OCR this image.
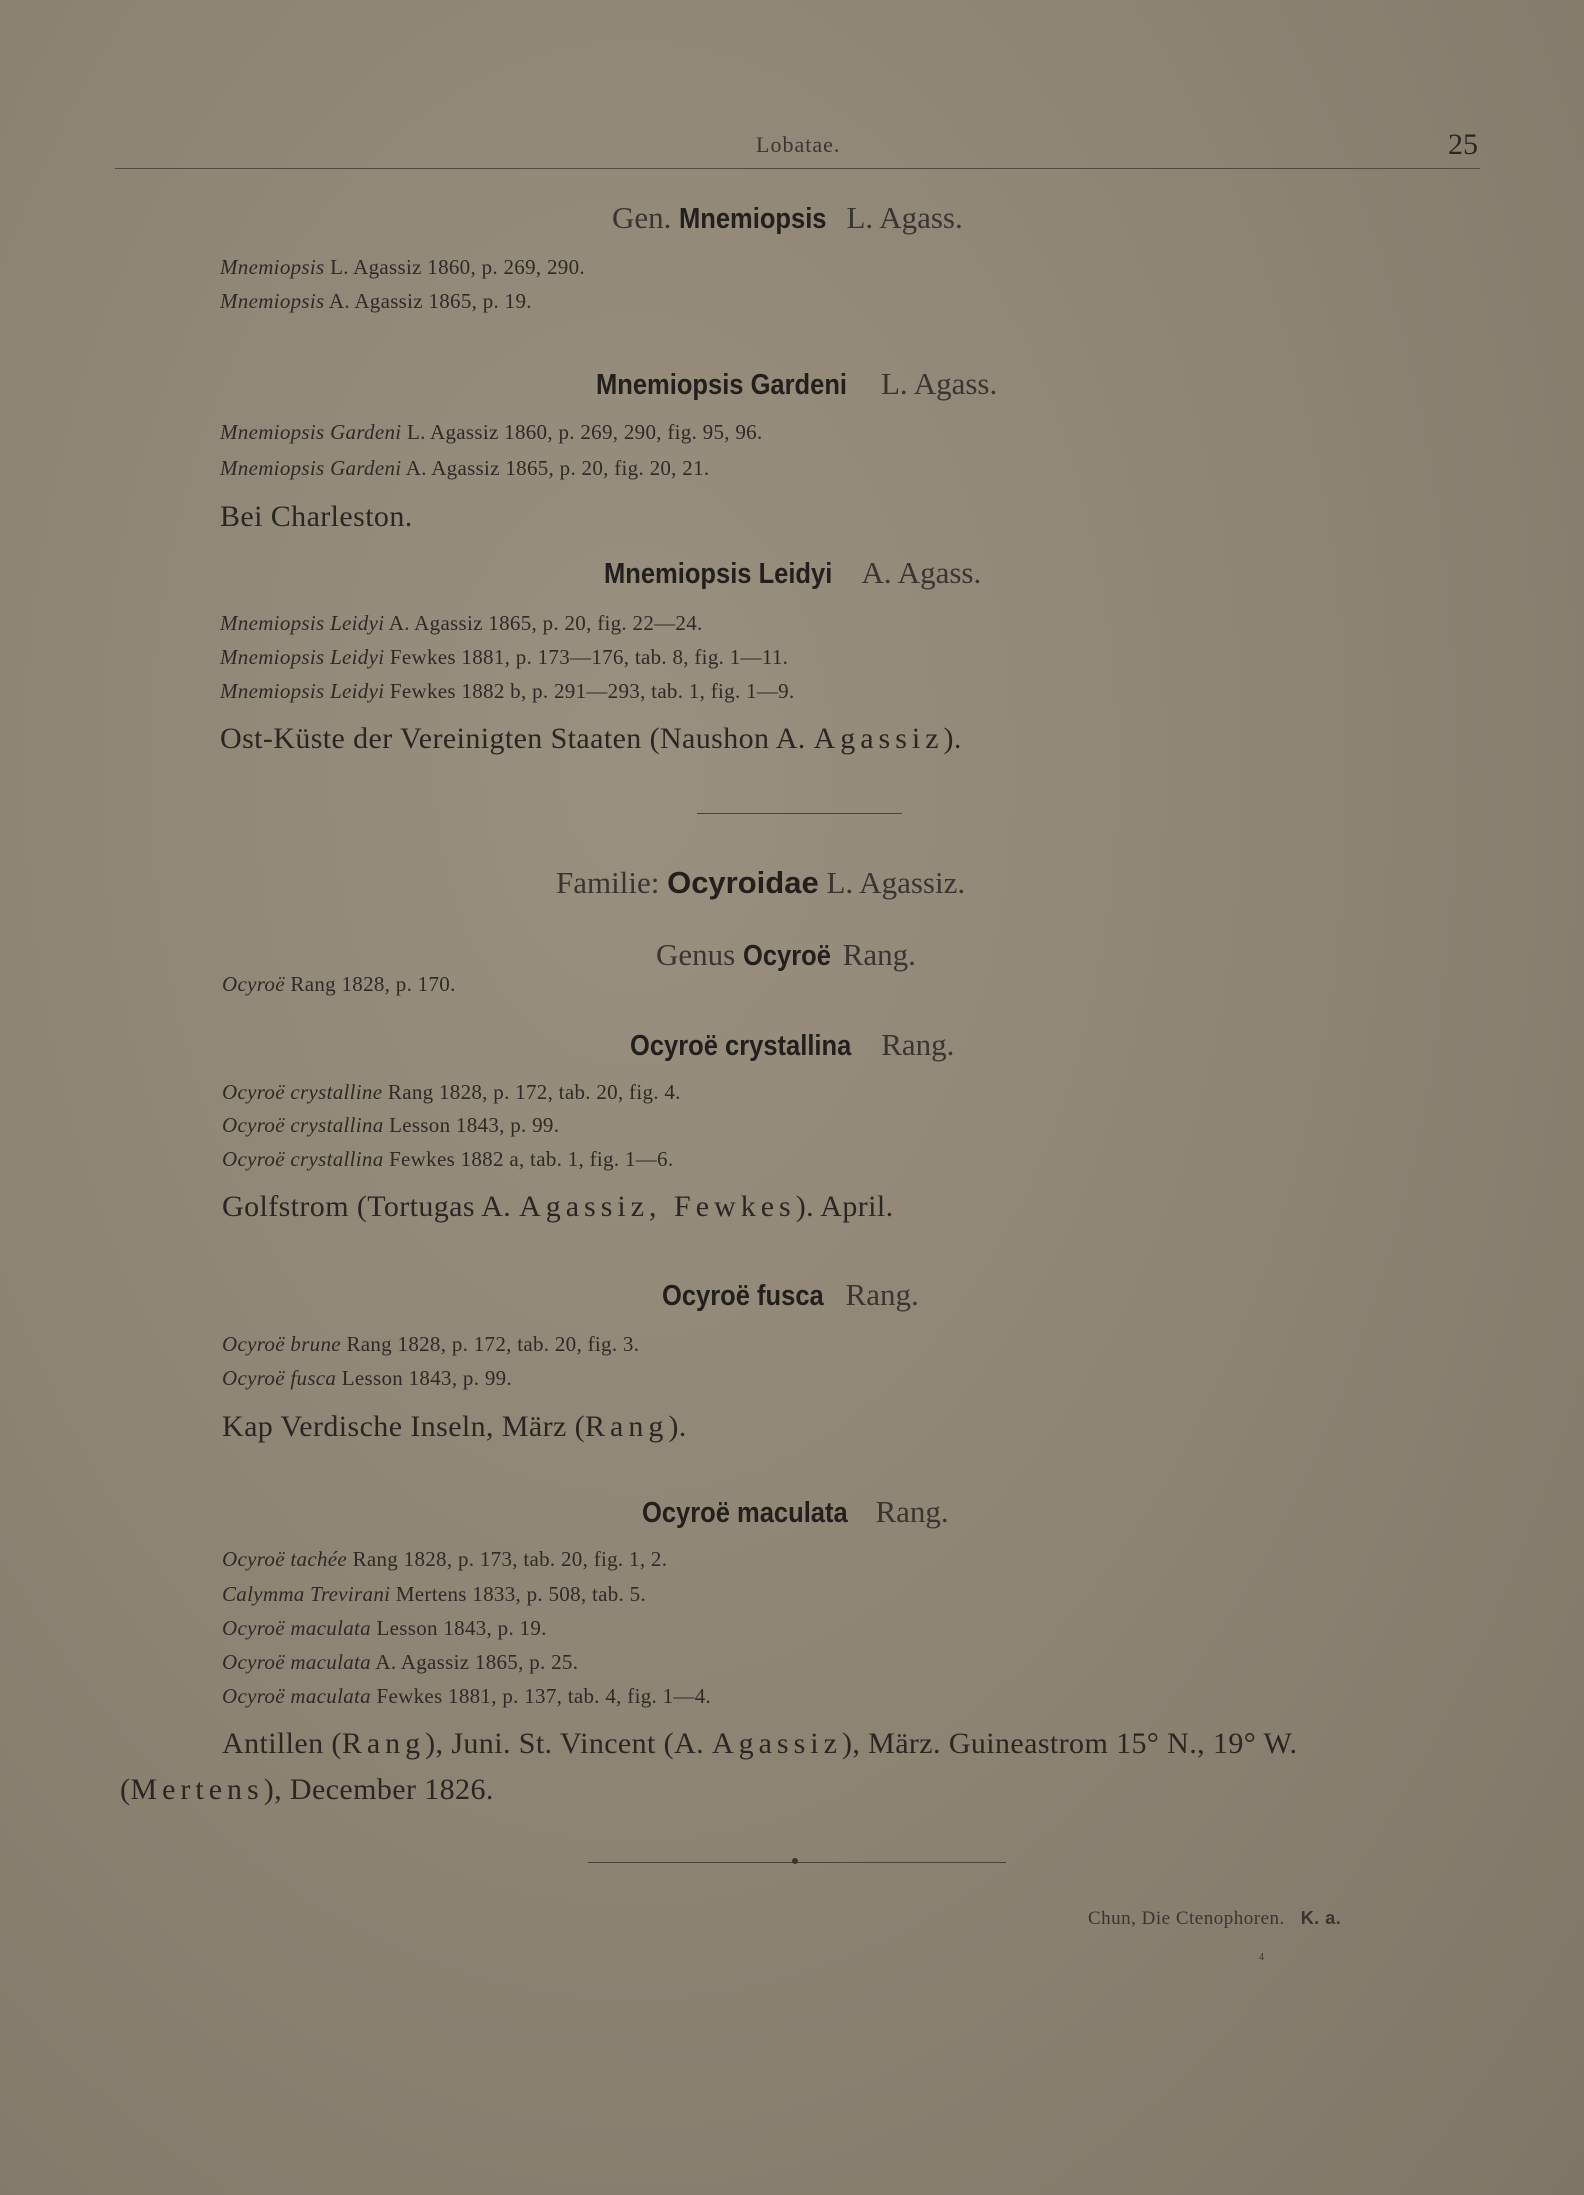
Lobatae.	25
Gen. Mnemiopsis L. Agass.
Mnemiopsis L. Agassiz 1860, p. 269, 290.
Mnemiopsis A. Agassiz 1865, p. 19.
Mnemiopsis Gardeni L. Agass.
Mnemiopsis Gardeni L. Agassiz 1860, p. 269, 290, fig. 95, 96.
Mnemiopsis Gardeni A. Agassiz 1865, p. 20, fig. 20, 21.
Bei Charleston.
Mnemiopsis Leidyi A. Agass.
Mnemiopsis Leidyi A. Agassiz 1865, p. 20, fig. 22—24.
Mnemiopsis Leidyi Fewkes 1881, p. 173—176, tab. 8, fig. 1—11.
Mnemiopsis Leidyi Fewkes 1882 b, p. 291—293, tab. 1, fig. 1—9.
Ost-Küste der Vereinigten Staaten (Naushon A. Agassiz).
Familie: Ocyroidae L. Agassiz.
Genus Ocyroë Rang.
Ocyroë Rang 1828, p. 170.
Ocyroë crystallina Rang.
Ocyroë crystalline Rang 1828, p. 172, tab. 20, fig. 4.
Ocyroë crystallina Lesson 1843, p. 99.
Ocyroë crystallina Fewkes 1882 a, tab. 1, fig. 1—6.
Golfstrom (Tortugas A. Agassiz, Fewkes). April.
Ocyroë fusca Rang.
Ocyroë brune Rang 1828, p. 172, tab. 20, fig. 3.
Ocyroë fusca Lesson 1843, p. 99.
Kap Verdische Inseln, März (Rang).
Ocyroë maculata Rang.
Ocyroë tachée Rang 1828, p. 173, tab. 20, fig. 1, 2.
Calymma Trevirani Mertens 1833, p. 508, tab. 5.
Ocyroë maculata Lesson 1843, p. 19.
Ocyroë maculata A. Agassiz 1865, p. 25.
Ocyroë maculata Fewkes 1881, p. 137, tab. 4, fig. 1—4.
Antillen (Rang), Juni. St. Vincent (A. Agassiz), März. Guineastrom 15° N., 19° W.
(Mertens), December 1826.
Chun, Die Ctenophoren. K. a.
4
